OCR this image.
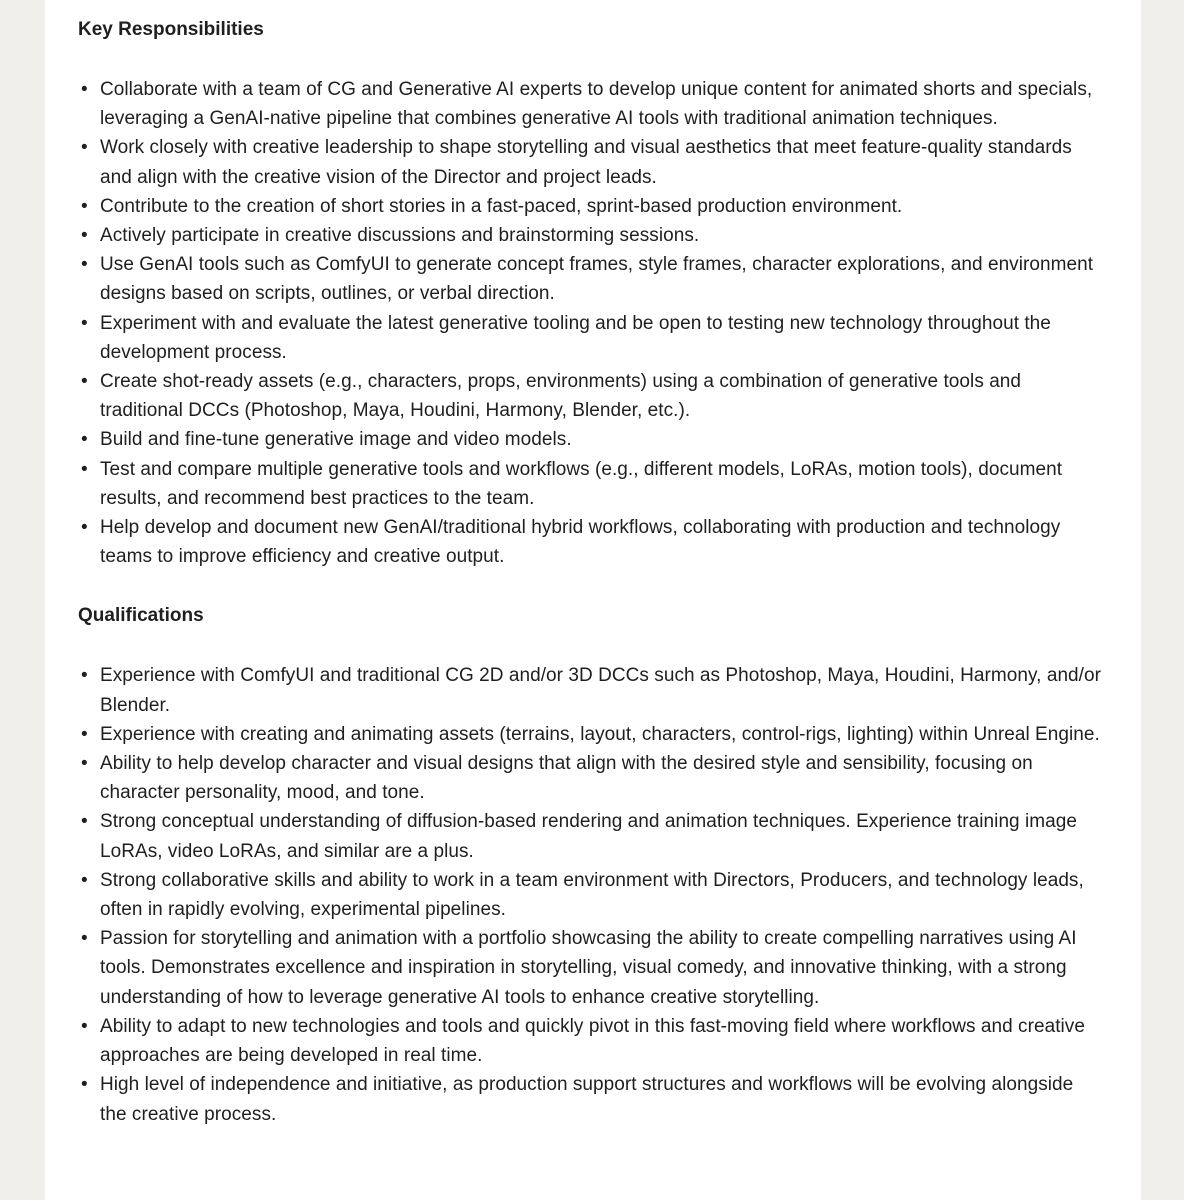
Key Responsibilities
• Collaborate with a team of CG and Generative AI experts to develop unique content for animated shorts and specials, leveraging a GenAI-native pipeline that combines generative AI tools with traditional animation techniques.
• Work closely with creative leadership to shape storytelling and visual aesthetics that meet feature-quality standards and align with the creative vision of the Director and project leads.
• Contribute to the creation of short stories in a fast-paced, sprint-based production environment.
• Actively participate in creative discussions and brainstorming sessions.
• Use GenAI tools such as ComfyUI to generate concept frames, style frames, character explorations, and environment designs based on scripts, outlines, or verbal direction.
• Experiment with and evaluate the latest generative tooling and be open to testing new technology throughout the development process.
• Create shot-ready assets (e.g., characters, props, environments) using a combination of generative tools and traditional DCCs (Photoshop, Maya, Houdini, Harmony, Blender, etc.).
• Build and fine-tune generative image and video models.
• Test and compare multiple generative tools and workflows (e.g., different models, LoRAs, motion tools), document results, and recommend best practices to the team.
• Help develop and document new GenAI/traditional hybrid workflows, collaborating with production and technology teams to improve efficiency and creative output.
Qualifications
• Experience with ComfyUI and traditional CG 2D and/or 3D DCCs such as Photoshop, Maya, Houdini, Harmony, and/or Blender.
• Experience with creating and animating assets (terrains, layout, characters, control-rigs, lighting) within Unreal Engine.
• Ability to help develop character and visual designs that align with the desired style and sensibility, focusing on character personality, mood, and tone.
• Strong conceptual understanding of diffusion-based rendering and animation techniques. Experience training image LoRAs, video LoRAs, and similar are a plus.
• Strong collaborative skills and ability to work in a team environment with Directors, Producers, and technology leads, often in rapidly evolving, experimental pipelines.
• Passion for storytelling and animation with a portfolio showcasing the ability to create compelling narratives using AI tools. Demonstrates excellence and inspiration in storytelling, visual comedy, and innovative thinking, with a strong understanding of how to leverage generative AI tools to enhance creative storytelling.
• Ability to adapt to new technologies and tools and quickly pivot in this fast-moving field where workflows and creative approaches are being developed in real time.
• High level of independence and initiative, as production support structures and workflows will be evolving alongside the creative process.
